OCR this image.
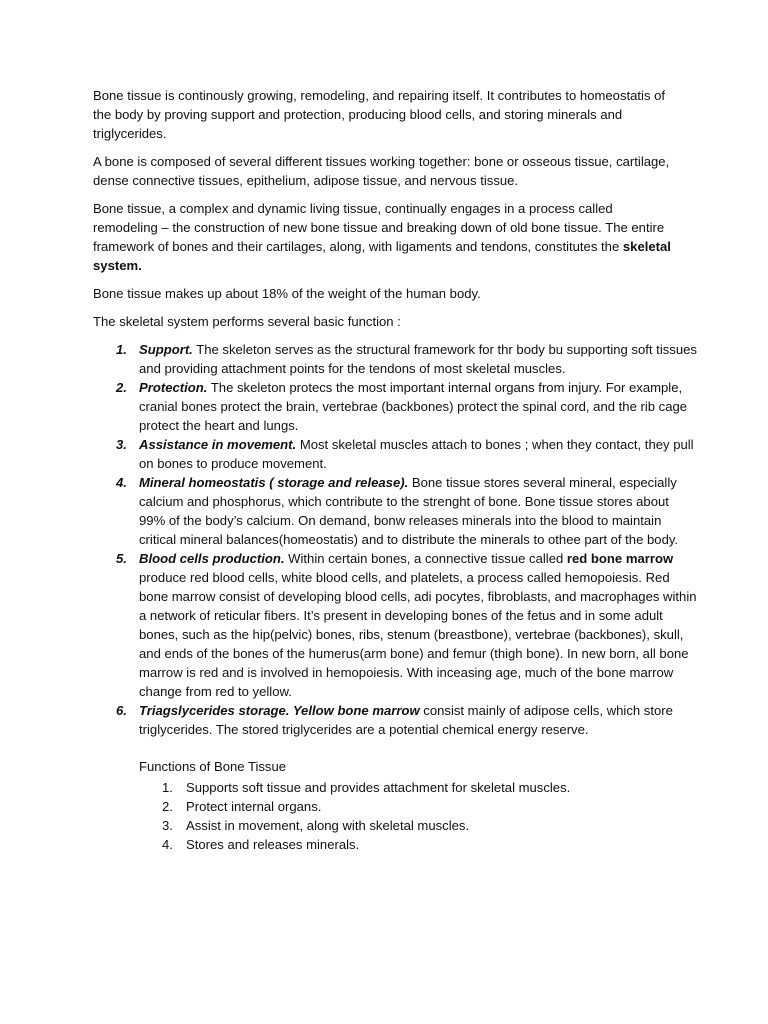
Bone tissue is continously growing, remodeling, and repairing itself. It contributes to homeostatis of the body by proving support and protection, producing blood cells, and storing minerals and triglycerides.

A bone is composed of several different tissues working together: bone or osseous tissue, cartilage, dense connective tissues, epithelium, adipose tissue, and nervous tissue.

Bone tissue, a complex and dynamic living tissue, continually engages in a process called remodeling – the construction of new bone tissue and breaking down of old bone tissue. The entire framework of bones and their cartilages, along, with ligaments and tendons, constitutes the skeletal system.

Bone tissue makes up about 18% of the weight of the human body.

The skeletal system performs several basic function :

1. Support. The skeleton serves as the structural framework for thr body bu supporting soft tissues and providing attachment points for the tendons of most skeletal muscles.
2. Protection. The skeleton protecs the most important internal organs from injury. For example, cranial bones protect the brain, vertebrae (backbones) protect the spinal cord, and the rib cage protect the heart and lungs.
3. Assistance in movement. Most skeletal muscles attach to bones ; when they contact, they pull on bones to produce movement.
4. Mineral homeostatis ( storage and release). Bone tissue stores several mineral, especially calcium and phosphorus, which contribute to the strenght of bone. Bone tissue stores about 99% of the body’s calcium. On demand, bonw releases minerals into the blood to maintain critical mineral balances(homeostatis) and to distribute the minerals to othee part of the body.
5. Blood cells production. Within certain bones, a connective tissue called red bone marrow produce red blood cells, white blood cells, and platelets, a process called hemopoiesis. Red bone marrow consist of developing blood cells, adi pocytes, fibroblasts, and macrophages within a network of reticular fibers. It’s present in developing bones of the fetus and in some adult bones, such as the hip(pelvic) bones, ribs, stenum (breastbone), vertebrae (backbones), skull, and ends of the bones of the humerus(arm bone) and femur (thigh bone). In new born, all bone marrow is red and is involved in hemopoiesis. With inceasing age, much of the bone marrow change from red to yellow.
6. Triagslycerides storage. Yellow bone marrow consist mainly of adipose cells, which store triglycerides. The stored triglycerides are a potential chemical energy reserve.
Functions of Bone Tissue
1. Supports soft tissue and provides attachment for skeletal muscles.
2. Protect internal organs.
3. Assist in movement, along with skeletal muscles.
4. Stores and releases minerals.
